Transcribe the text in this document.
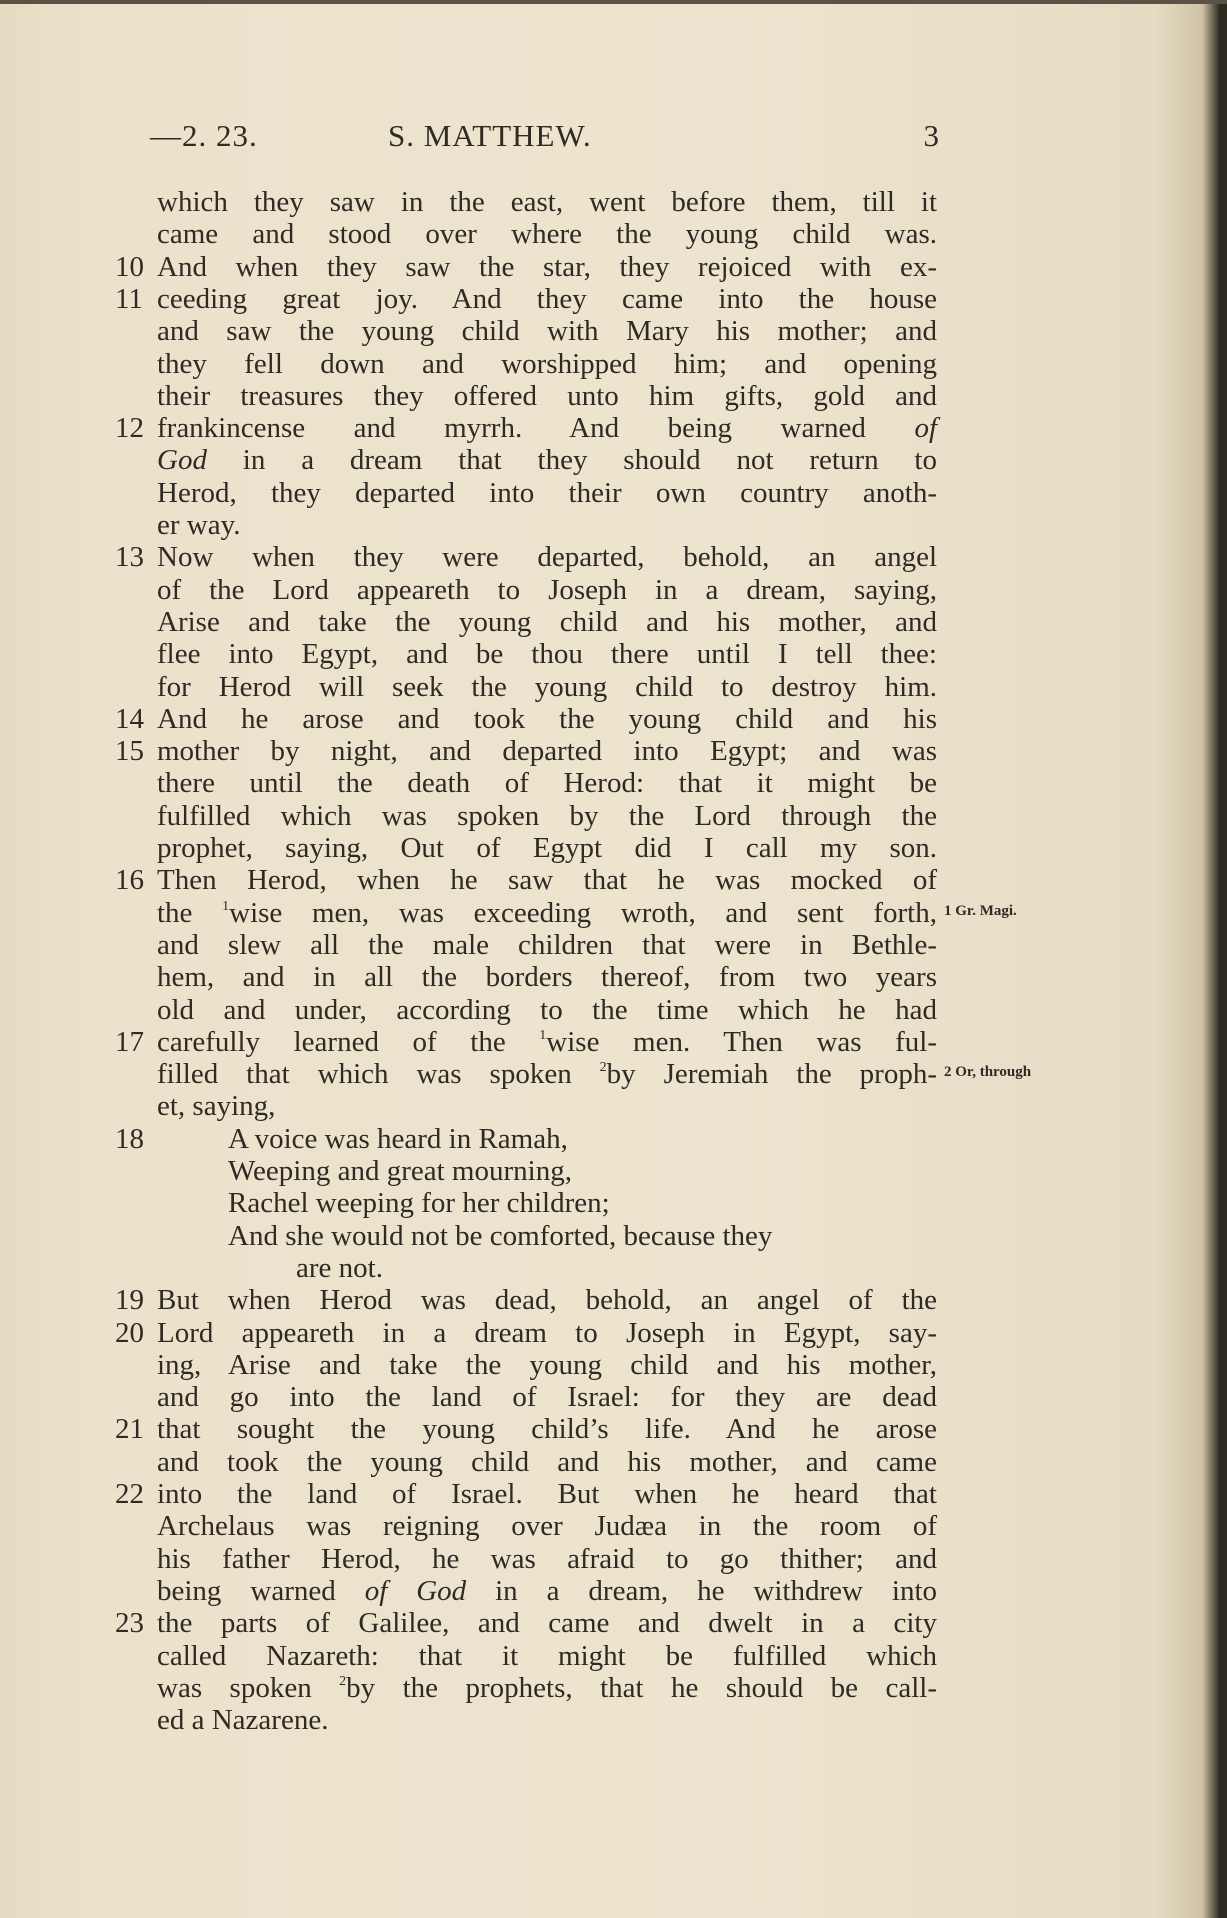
—2. 23.	S. MATTHEW.	3
which they saw in the east, went before them, till it
came and stood over where the young child was.
10 And when they saw the star, they rejoiced with ex-
11 ceeding great joy. And they came into the house
and saw the young child with Mary his mother; and
they fell down and worshipped him; and opening
their treasures they offered unto him gifts, gold and
12 frankincense and myrrh. And being warned of
God in a dream that they should not return to
Herod, they departed into their own country anoth-
er way.
13 Now when they were departed, behold, an angel
of the Lord appeareth to Joseph in a dream, saying,
Arise and take the young child and his mother, and
flee into Egypt, and be thou there until I tell thee:
for Herod will seek the young child to destroy him.
14 And he arose and took the young child and his
15 mother by night, and departed into Egypt; and was
there until the death of Herod: that it might be
fulfilled which was spoken by the Lord through the
prophet, saying, Out of Egypt did I call my son.
16 Then Herod, when he saw that he was mocked of
the $^1$wise men, was exceeding wroth, and sent forth, 1 Gr. Magi.
and slew all the male children that were in Bethle-
hem, and in all the borders thereof, from two years
old and under, according to the time which he had
17 carefully learned of the $^1$wise men. Then was ful-
filled that which was spoken $^2$by Jeremiah the proph- 2 Or, through
et, saying,
18	A voice was heard in Ramah,
Weeping and great mourning,
Rachel weeping for her children;
And she would not be comforted, because they
are not.
19 But when Herod was dead, behold, an angel of the
20 Lord appeareth in a dream to Joseph in Egypt, say-
ing, Arise and take the young child and his mother,
and go into the land of Israel: for they are dead
21 that sought the young child’s life. And he arose
and took the young child and his mother, and came
22 into the land of Israel. But when he heard that
Archelaus was reigning over Judæa in the room of
his father Herod, he was afraid to go thither; and
being warned of God in a dream, he withdrew into
23 the parts of Galilee, and came and dwelt in a city
called Nazareth: that it might be fulfilled which
was spoken $^2$by the prophets, that he should be call-
ed a Nazarene.
